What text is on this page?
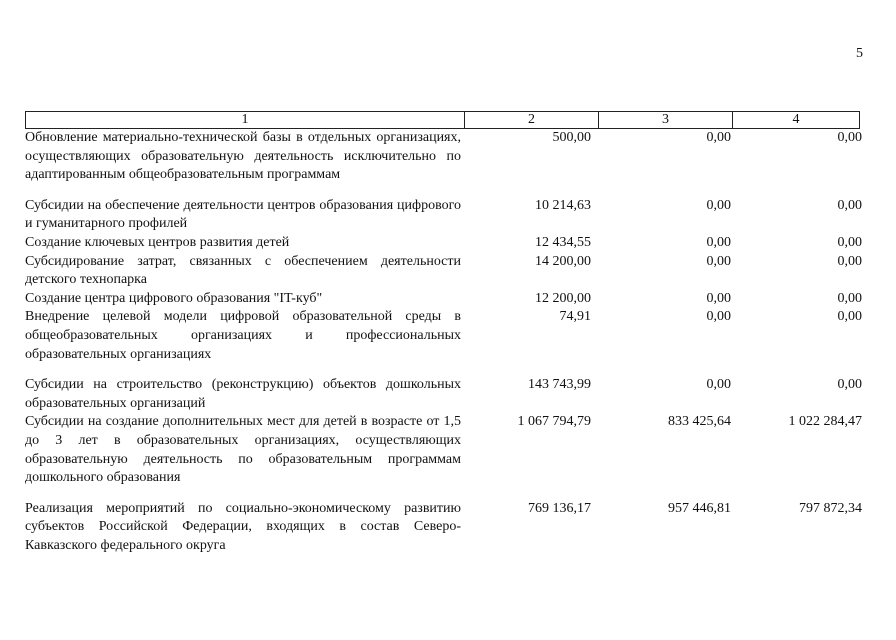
5
1	2	3	4
Обновление материально-технической базы в отдельных организациях, осуществляющих образовательную деятельность исключительно по адаптированным общеобразовательным программам
500,00	0,00	0,00
Субсидии на обеспечение деятельности центров образования цифрового и гуманитарного профилей
10 214,63	0,00	0,00
Создание ключевых центров развития детей	12 434,55	0,00	0,00
Субсидирование затрат, связанных с обеспечением деятельности детского технопарка
14 200,00	0,00	0,00
Создание центра цифрового образования "IT-куб"	12 200,00	0,00	0,00
Внедрение целевой модели цифровой образовательной среды в общеобразовательных организациях и профессиональных образовательных организациях
74,91	0,00	0,00
Субсидии на строительство (реконструкцию) объектов дошкольных образовательных организаций
143 743,99	0,00	0,00
Субсидии на создание дополнительных мест для детей в возрасте от 1,5 до 3 лет в образовательных организациях, осуществляющих образовательную деятельность по образовательным программам дошкольного образования
1 067 794,79	833 425,64	1 022 284,47
Реализация мероприятий по социально-экономическому развитию субъектов Российской Федерации, входящих в состав Северо-Кавказского федерального округа
769 136,17	957 446,81	797 872,34
